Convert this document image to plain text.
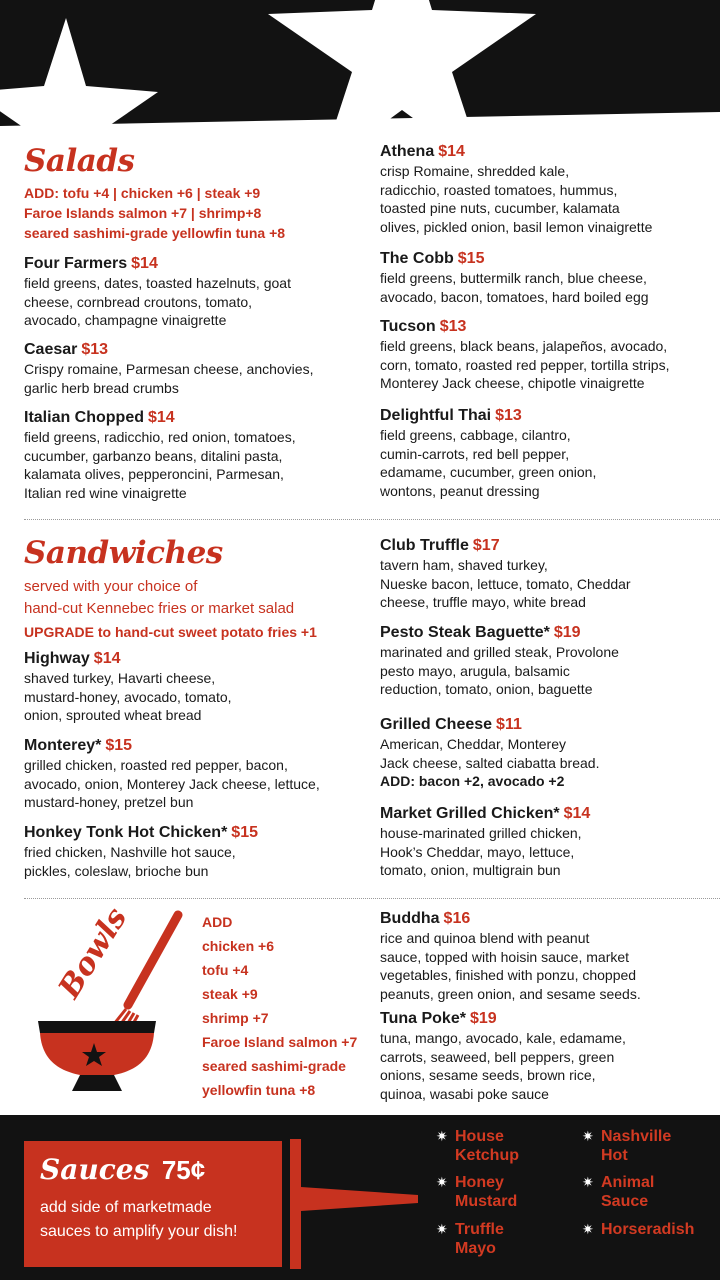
Salads
ADD: tofu +4 | chicken +6 | steak +9
Faroe Islands salmon +7 | shrimp+8
seared sashimi-grade yellowfin tuna +8
Four Farmers $14
field greens, dates, toasted hazelnuts, goat
cheese, cornbread croutons, tomato,
avocado, champagne vinaigrette
Caesar $13
Crispy romaine, Parmesan cheese, anchovies,
garlic herb bread crumbs
Italian Chopped $14
field greens, radicchio, red onion, tomatoes,
cucumber, garbanzo beans, ditalini pasta,
kalamata olives, pepperoncini, Parmesan,
Italian red wine vinaigrette
Athena $14
crisp Romaine, shredded kale,
radicchio, roasted tomatoes, hummus,
toasted pine nuts, cucumber, kalamata
olives, pickled onion, basil lemon vinaigrette
The Cobb $15
field greens, buttermilk ranch, blue cheese,
avocado, bacon, tomatoes, hard boiled egg
Tucson $13
field greens, black beans, jalapeños, avocado,
corn, tomato, roasted red pepper, tortilla strips,
Monterey Jack cheese, chipotle vinaigrette
Delightful Thai $13
field greens, cabbage, cilantro,
cumin-carrots, red bell pepper,
edamame, cucumber, green onion,
wontons, peanut dressing
Sandwiches
served with your choice of
hand-cut Kennebec fries or market salad
UPGRADE to hand-cut sweet potato fries +1
Highway $14
shaved turkey, Havarti cheese,
mustard-honey, avocado, tomato,
onion, sprouted wheat bread
Monterey* $15
grilled chicken, roasted red pepper, bacon,
avocado, onion, Monterey Jack cheese, lettuce,
mustard-honey, pretzel bun
Honkey Tonk Hot Chicken* $15
fried chicken, Nashville hot sauce,
pickles, coleslaw, brioche bun
Club Truffle $17
tavern ham, shaved turkey,
Nueske bacon, lettuce, tomato, Cheddar
cheese, truffle mayo, white bread
Pesto Steak Baguette* $19
marinated and grilled steak, Provolone
pesto mayo, arugula, balsamic
reduction, tomato, onion, baguette
Grilled Cheese $11
American, Cheddar, Monterey
Jack cheese, salted ciabatta bread.
ADD: bacon +2, avocado +2
Market Grilled Chicken* $14
house-marinated grilled chicken,
Hook’s Cheddar, mayo, lettuce,
tomato, onion, multigrain bun
Bowls	ADD
chicken +6
tofu +4
steak +9
shrimp +7
Faroe Island salmon +7
seared sashimi-grade
yellowfin tuna +8
Buddha $16
rice and quinoa blend with peanut
sauce, topped with hoisin sauce, market
vegetables, finished with ponzu, chopped
peanuts, green onion, and sesame seeds.
Tuna Poke* $19
tuna, mango, avocado, kale, edamame,
carrots, seaweed, bell peppers, green
onions, sesame seeds, brown rice,
quinoa, wasabi poke sauce
Sauces 75¢
add side of marketmade
sauces to amplify your dish!
✷ House
Ketchup
✷ Honey
Mustard
✷ Truffle
Mayo
✷ Nashville
Hot
✷ Animal
Sauce
✷ Horseradish
